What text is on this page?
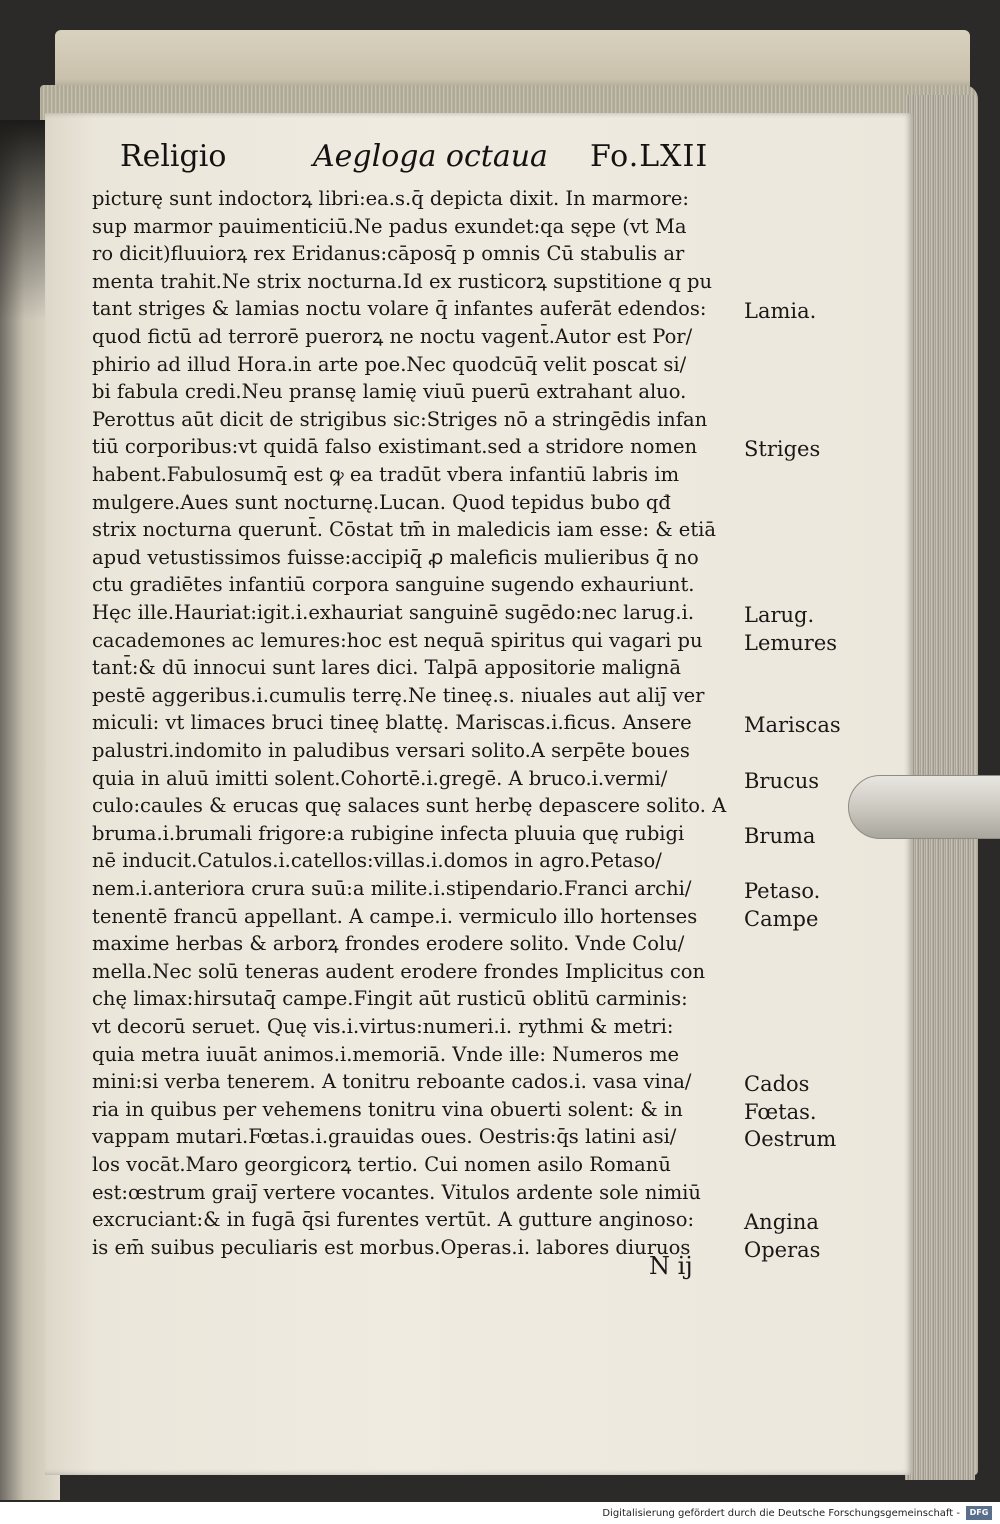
Religio	Aegloga octaua Fo.LXII
picturę sunt indoctorꝝ libri:ea.s.q̄ depicta dixit. In marmore:
sup marmor pauimenticiū.Ne padus exundet:qa sępe (vt Ma
ro dicit)fluuiorꝝ rex Eridanus:cāposq̄ p omnis Cū stabulis ar
menta trahit.Ne strix nocturna.Id ex rusticorꝝ supstitione q pu
tant striges & lamias noctu volare q̄ infantes auferāt edendos:
quod fictū ad terrorē puerorꝝ ne noctu vagent̄.Autor est Por/
phirio ad illud Hora.in arte poe.Nec quodcūq̄ velit poscat si/
bi fabula credi.Neu pransę lamię viuū puerū extrahant aluo.
Perottus aūt dicit de strigibus sic:Striges nō a stringēdis infan
tiū corporibus:vt quidā falso existimant.sed a stridore nomen
habent.Fabulosumq̄ est ꝙ ea tradūt vbera infantiū labris im
mulgere.Aues sunt nocturnę.Lucan. Quod tepidus bubo qđ
strix nocturna querunt̄. Cōstat tm̄ in maledicis iam esse: & etiā
apud vetustissimos fuisse:accipiq̄ ꝓ maleficis mulieribus q̄ no
ctu gradiētes infantiū corpora sanguine sugendo exhauriunt.
Hęc ille.Hauriat:igit.i.exhauriat sanguinē sugēdo:nec larug.i.
cacademones ac lemures:hoc est nequā spiritus qui vagari pu
tant̄:& dū innocui sunt lares dici. Talpā appositorie malignā
pestē aggeribus.i.cumulis terrę.Ne tineę.s. niuales aut aliȷ̄ ver
miculi: vt limaces bruci tineę blattę. Mariscas.i.ficus. Ansere
palustri.indomito in paludibus versari solito.A serpēte boues
quia in aluū imitti solent.Cohortē.i.gregē. A bruco.i.vermi/
culo:caules & erucas quę salaces sunt herbę depascere solito. A
bruma.i.brumali frigore:a rubigine infecta pluuia quę rubigi
nē inducit.Catulos.i.catellos:villas.i.domos in agro.Petaso/
nem.i.anteriora crura suū:a milite.i.stipendario.Franci archi/
tenentē francū appellant. A campe.i. vermiculo illo hortenses
maxime herbas & arborꝝ frondes erodere solito. Vnde Colu/
mella.Nec solū teneras audent erodere frondes Implicitus con
chę limax:hirsutaq̄ campe.Fingit aūt rusticū oblitū carminis:
vt decorū seruet. Quę vis.i.virtus:numeri.i. rythmi & metri:
quia metra iuuāt animos.i.memoriā. Vnde ille: Numeros me
mini:si verba tenerem. A tonitru reboante cados.i. vasa vina/
ria in quibus per vehemens tonitru vina obuerti solent: & in
vappam mutari.Fœtas.i.grauidas oues. Oestris:q̄s latini asi/
los vocāt.Maro georgicorꝝ tertio. Cui nomen asilo Romanū
est:œstrum graiȷ̄ vertere vocantes. Vitulos ardente sole nimiū
excruciant:& in fugā q̄si furentes vertūt. A gutture anginoso:
is em̄ suibus peculiaris est morbus.Operas.i. labores diuruos
Lamia.
Striges
Larug.
Lemures
Mariscas
Brucus
Bruma
Petaso.
Campe
Cados
Fœtas.
Oestrum
Angina
Operas
N ij
Digitalisierung gefördert durch die Deutsche Forschungsgemeinschaft -	DFG
